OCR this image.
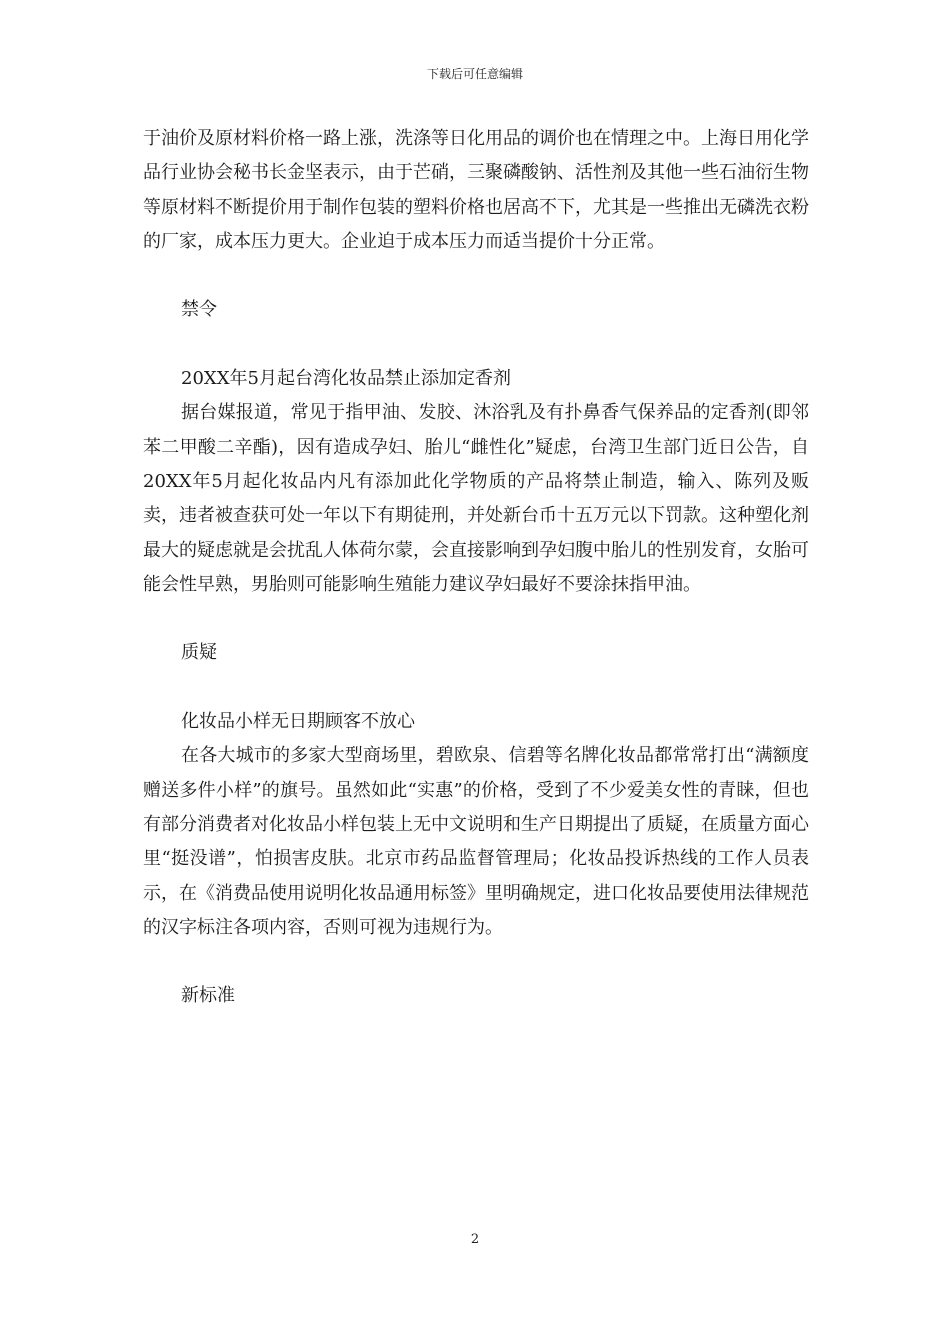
下载后可任意编辑

于油价及原材料价格一路上涨，洗涤等日化用品的调价也在情理之中。上海日用化学品行业协会秘书长金坚表示，由于芒硝，三聚磷酸钠、活性剂及其他一些石油衍生物等原材料不断提价用于制作包装的塑料价格也居高不下，尤其是一些推出无磷洗衣粉的厂家，成本压力更大。企业迫于成本压力而适当提价十分正常。

禁令

20XX年5月起台湾化妆品禁止添加定香剂

据台媒报道，常见于指甲油、发胶、沐浴乳及有扑鼻香气保养品的定香剂(即邻苯二甲酸二辛酯)，因有造成孕妇、胎儿“雌性化”疑虑，台湾卫生部门近日公告，自20XX年5月起化妆品内凡有添加此化学物质的产品将禁止制造，输入、陈列及贩卖，违者被查获可处一年以下有期徒刑，并处新台币十五万元以下罚款。这种塑化剂最大的疑虑就是会扰乱人体荷尔蒙，会直接影响到孕妇腹中胎儿的性别发育，女胎可能会性早熟，男胎则可能影响生殖能力建议孕妇最好不要涂抹指甲油。

质疑

化妆品小样无日期顾客不放心

在各大城市的多家大型商场里，碧欧泉、信碧等名牌化妆品都常常打出“满额度赠送多件小样”的旗号。虽然如此“实惠”的价格，受到了不少爱美女性的青睐，但也有部分消费者对化妆品小样包装上无中文说明和生产日期提出了质疑，在质量方面心里“挺没谱”，怕损害皮肤。北京市药品监督管理局；化妆品投诉热线的工作人员表示，在《消费品使用说明化妆品通用标签》里明确规定，进口化妆品要使用法律规范的汉字标注各项内容，否则可视为违规行为。

新标准

2
